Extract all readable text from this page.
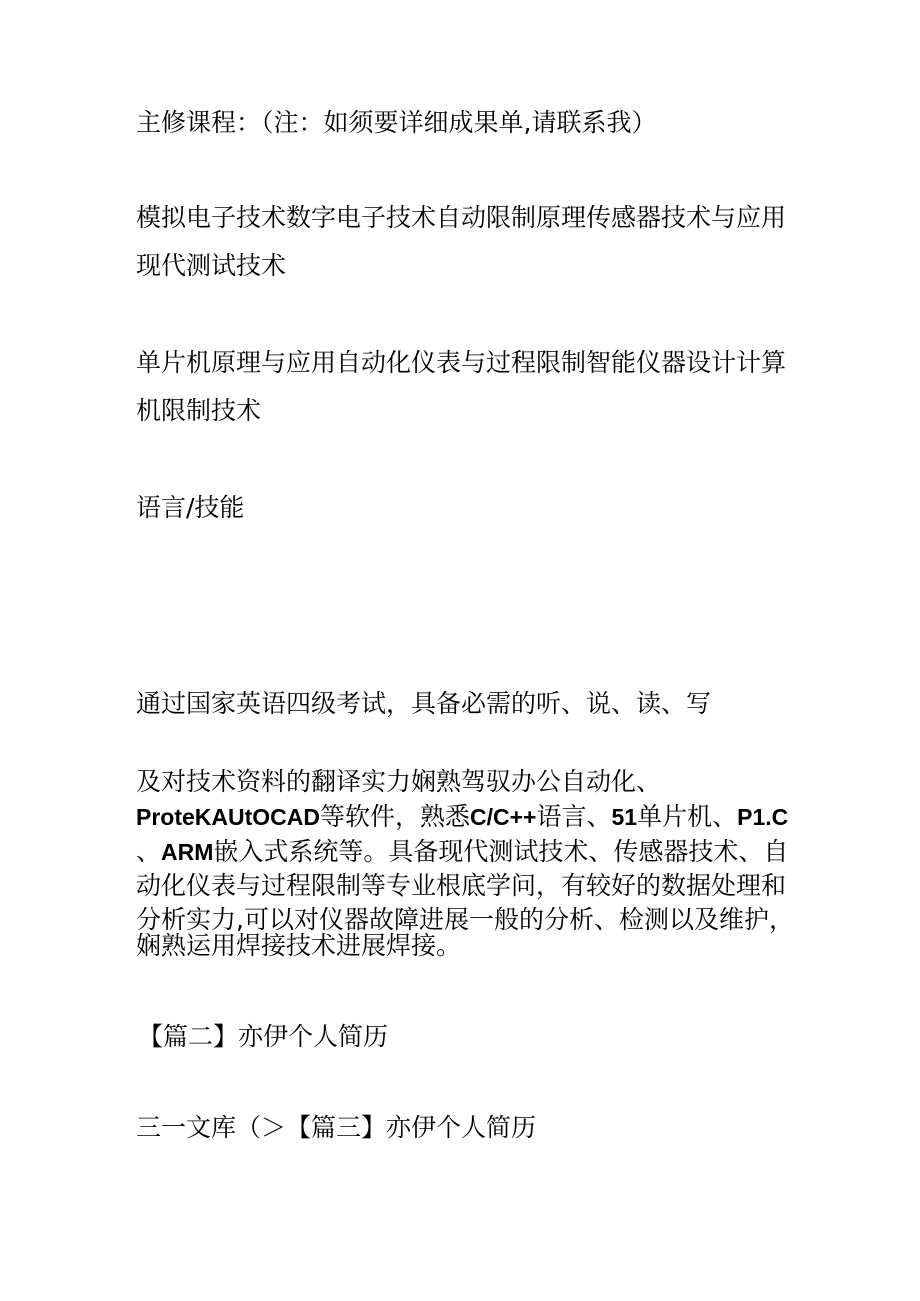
主修课程：（注：如须要详细成果单,请联系我）
模拟电子技术数字电子技术自动限制原理传感器技术与应用
现代测试技术
单片机原理与应用自动化仪表与过程限制智能仪器设计计算
机限制技术
语言/技能
通过国家英语四级考试，具备必需的听、说、读、写
及对技术资料的翻译实力娴熟驾驭办公自动化、
ProteKAUtOCAD等软件，熟悉C/C++语言、51单片机、P1.C
、ARM嵌入式系统等。具备现代测试技术、传感器技术、自
动化仪表与过程限制等专业根底学问，有较好的数据处理和
分析实力,可以对仪器故障进展一般的分析、检测以及维护，
娴熟运用焊接技术进展焊接。
【篇二】亦伊个人简历
三一文库（＞【篇三】亦伊个人简历
